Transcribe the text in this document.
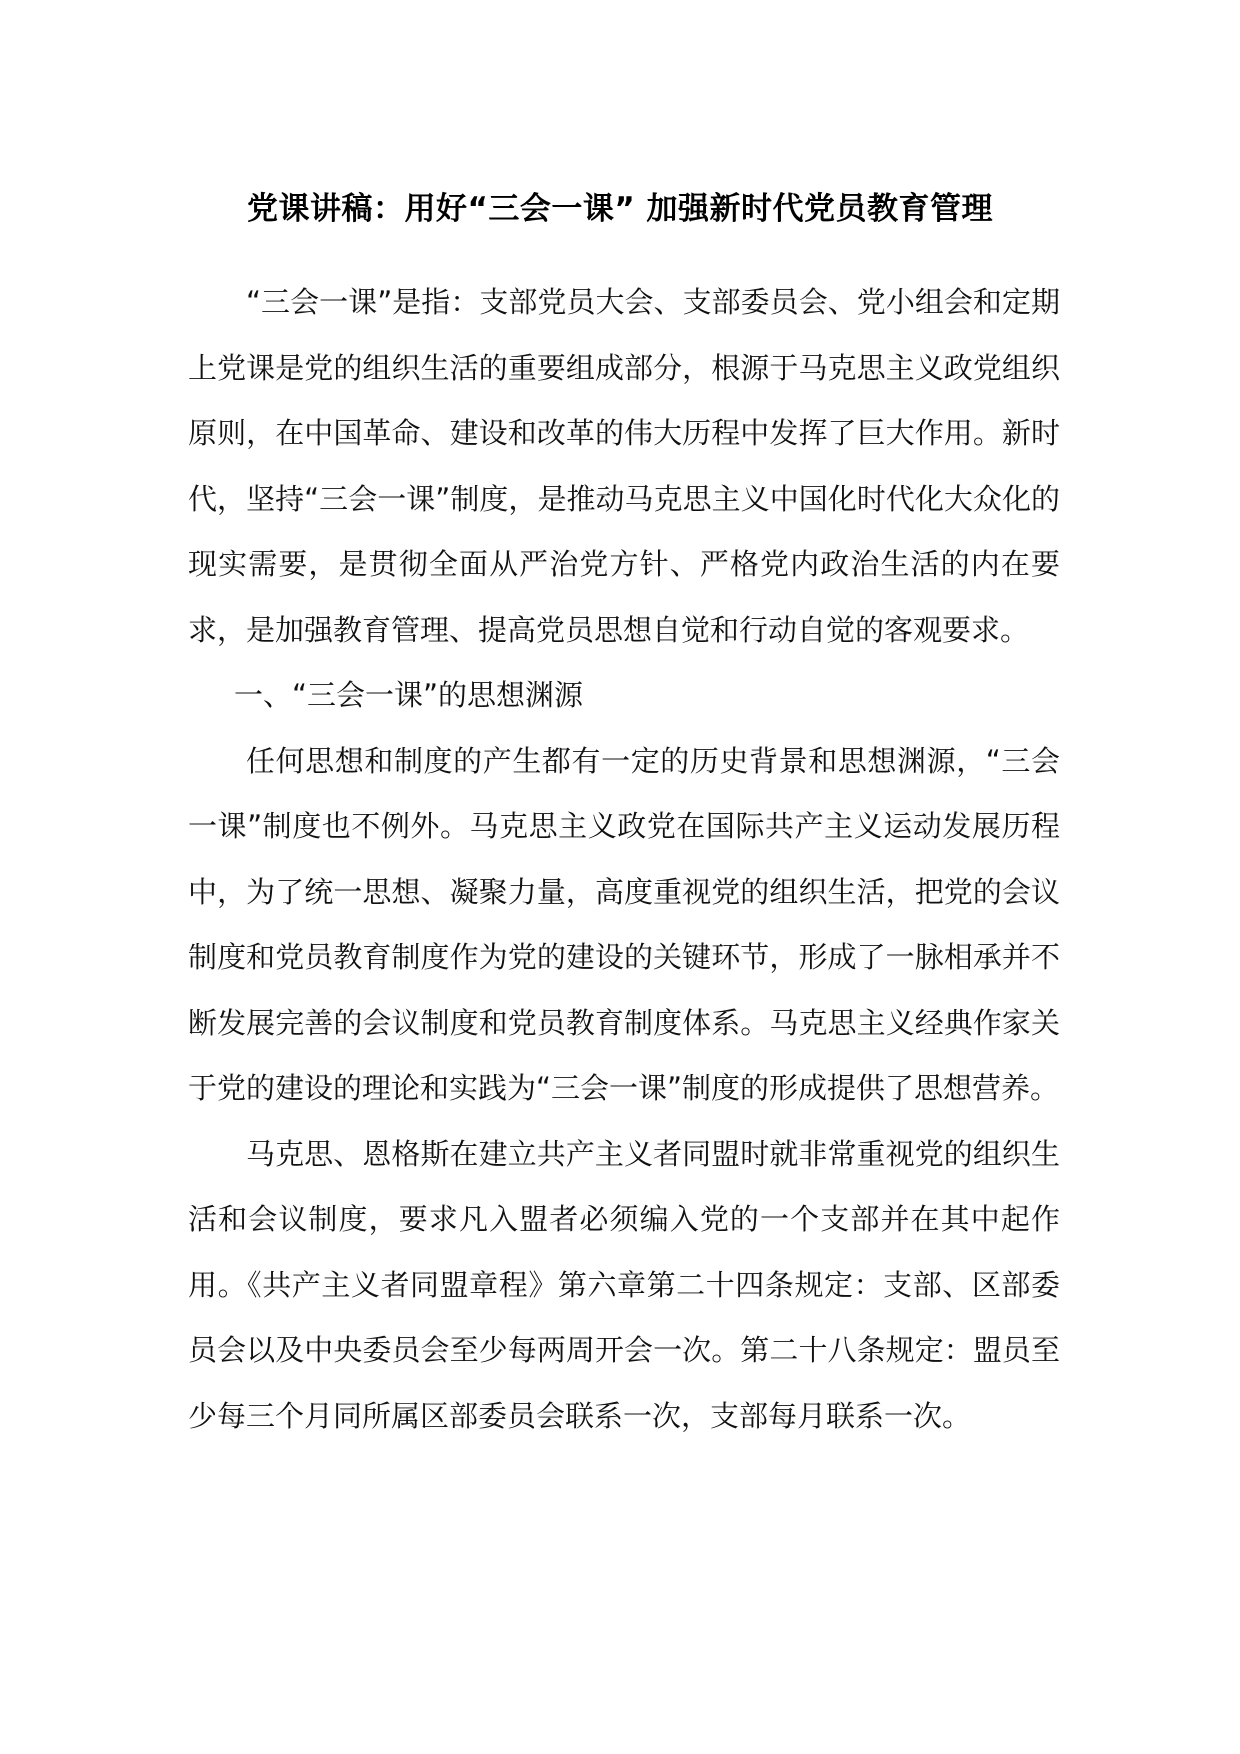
党课讲稿：用好“三会一课” 加强新时代党员教育管理

“三会一课”是指：支部党员大会、支部委员会、党小组会和定期上党课是党的组织生活的重要组成部分，根源于马克思主义政党组织原则，在中国革命、建设和改革的伟大历程中发挥了巨大作用。新时代，坚持“三会一课”制度，是推动马克思主义中国化时代化大众化的现实需要，是贯彻全面从严治党方针、严格党内政治生活的内在要求，是加强教育管理、提高党员思想自觉和行动自觉的客观要求。

一、“三会一课”的思想渊源

任何思想和制度的产生都有一定的历史背景和思想渊源，“三会一课”制度也不例外。马克思主义政党在国际共产主义运动发展历程中，为了统一思想、凝聚力量，高度重视党的组织生活，把党的会议制度和党员教育制度作为党的建设的关键环节，形成了一脉相承并不断发展完善的会议制度和党员教育制度体系。马克思主义经典作家关于党的建设的理论和实践为“三会一课”制度的形成提供了思想营养。

马克思、恩格斯在建立共产主义者同盟时就非常重视党的组织生活和会议制度，要求凡入盟者必须编入党的一个支部并在其中起作用。《共产主义者同盟章程》第六章第二十四条规定：支部、区部委员会以及中央委员会至少每两周开会一次。第二十八条规定：盟员至少每三个月同所属区部委员会联系一次，支部每月联系一次。
